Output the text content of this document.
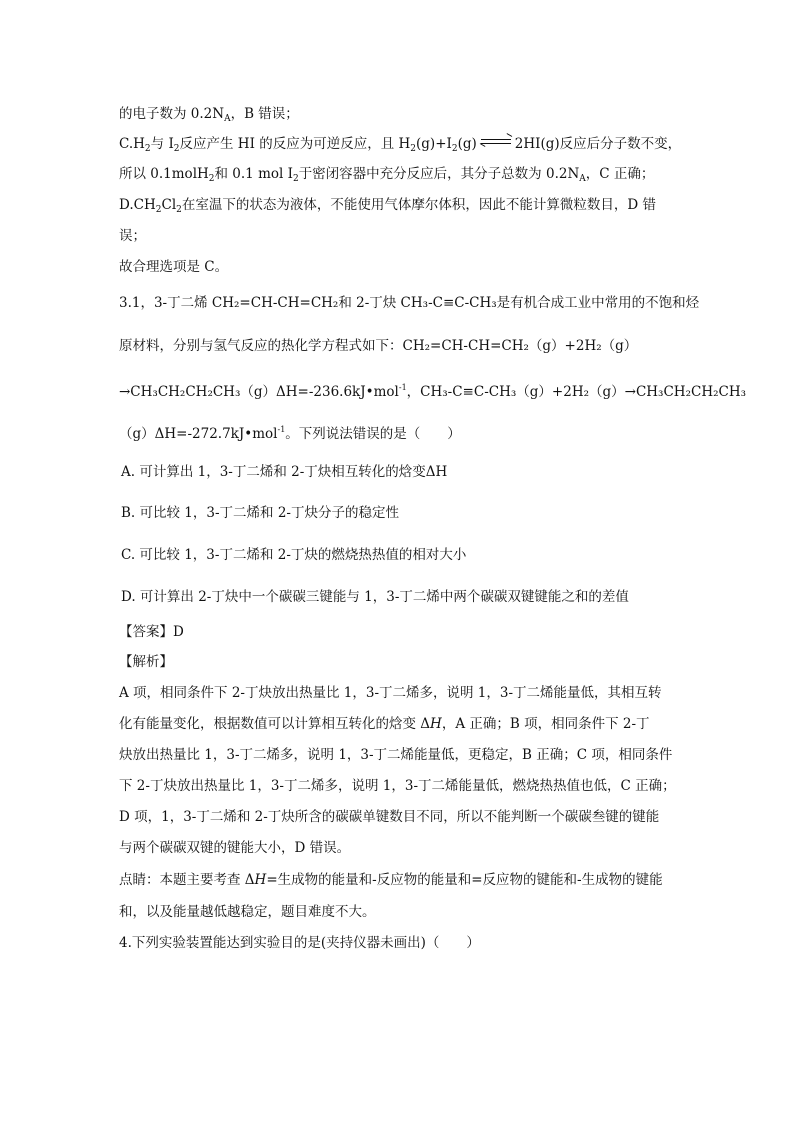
的电子数为 $0.2N_A$，B 错误；
$C.H_2$与 $I_2$反应产生 HI 的反应为可逆反应，且 $H_2(g)+I_2(g)$ ⇌ 2HI(g)反应后分子数不变，
所以 0.1molH$_2$和 0.1 mol $I_2$于密闭容器中充分反应后，其分子总数为 $0.2N_A$，C 正确；
$D.CH_2Cl_2$在室温下的状态为液体，不能使用气体摩尔体积，因此不能计算微粒数目，D 错
误；
故合理选项是 C。
3.1，3-丁二烯 CH₂=CH-CH=CH₂和 2-丁炔 CH₃-C≡C-CH₃是有机合成工业中常用的不饱和烃
原材料，分别与氢气反应的热化学方程式如下：CH₂=CH-CH=CH₂（g）+2H₂（g）
→CH₃CH₂CH₂CH₃（g）ΔH=-236.6kJ•mol$^{-1}$，CH₃-C≡C-CH₃（g）+2H₂（g）→CH₃CH₂CH₂CH₃
（g）ΔH=-272.7kJ•mol$^{-1}$。下列说法错误的是（　　）
A. 可计算出 1，3-丁二烯和 2-丁炔相互转化的焓变ΔH
B. 可比较 1，3-丁二烯和 2-丁炔分子的稳定性
C. 可比较 1，3-丁二烯和 2-丁炔的燃烧热热值的相对大小
D. 可计算出 2-丁炔中一个碳碳三键能与 1，3-丁二烯中两个碳碳双键键能之和的差值
【答案】D
【解析】
A 项，相同条件下 2-丁炔放出热量比 1，3-丁二烯多，说明 1，3-丁二烯能量低，其相互转
化有能量变化，根据数值可以计算相互转化的焓变 ΔH，A 正确；B 项，相同条件下 2-丁
炔放出热量比 1，3-丁二烯多，说明 1，3-丁二烯能量低，更稳定，B 正确；C 项，相同条件
下 2-丁炔放出热量比 1，3-丁二烯多，说明 1，3-丁二烯能量低，燃烧热热值也低，C 正确；
D 项，1，3-丁二烯和 2-丁炔所含的碳碳单键数目不同，所以不能判断一个碳碳叁键的键能
与两个碳碳双键的键能大小，D 错误。
点睛：本题主要考查 ΔH=生成物的能量和-反应物的能量和=反应物的键能和-生成物的键能
和，以及能量越低越稳定，题目难度不大。
4.下列实验装置能达到实验目的是(夹持仪器未画出)（　　）
